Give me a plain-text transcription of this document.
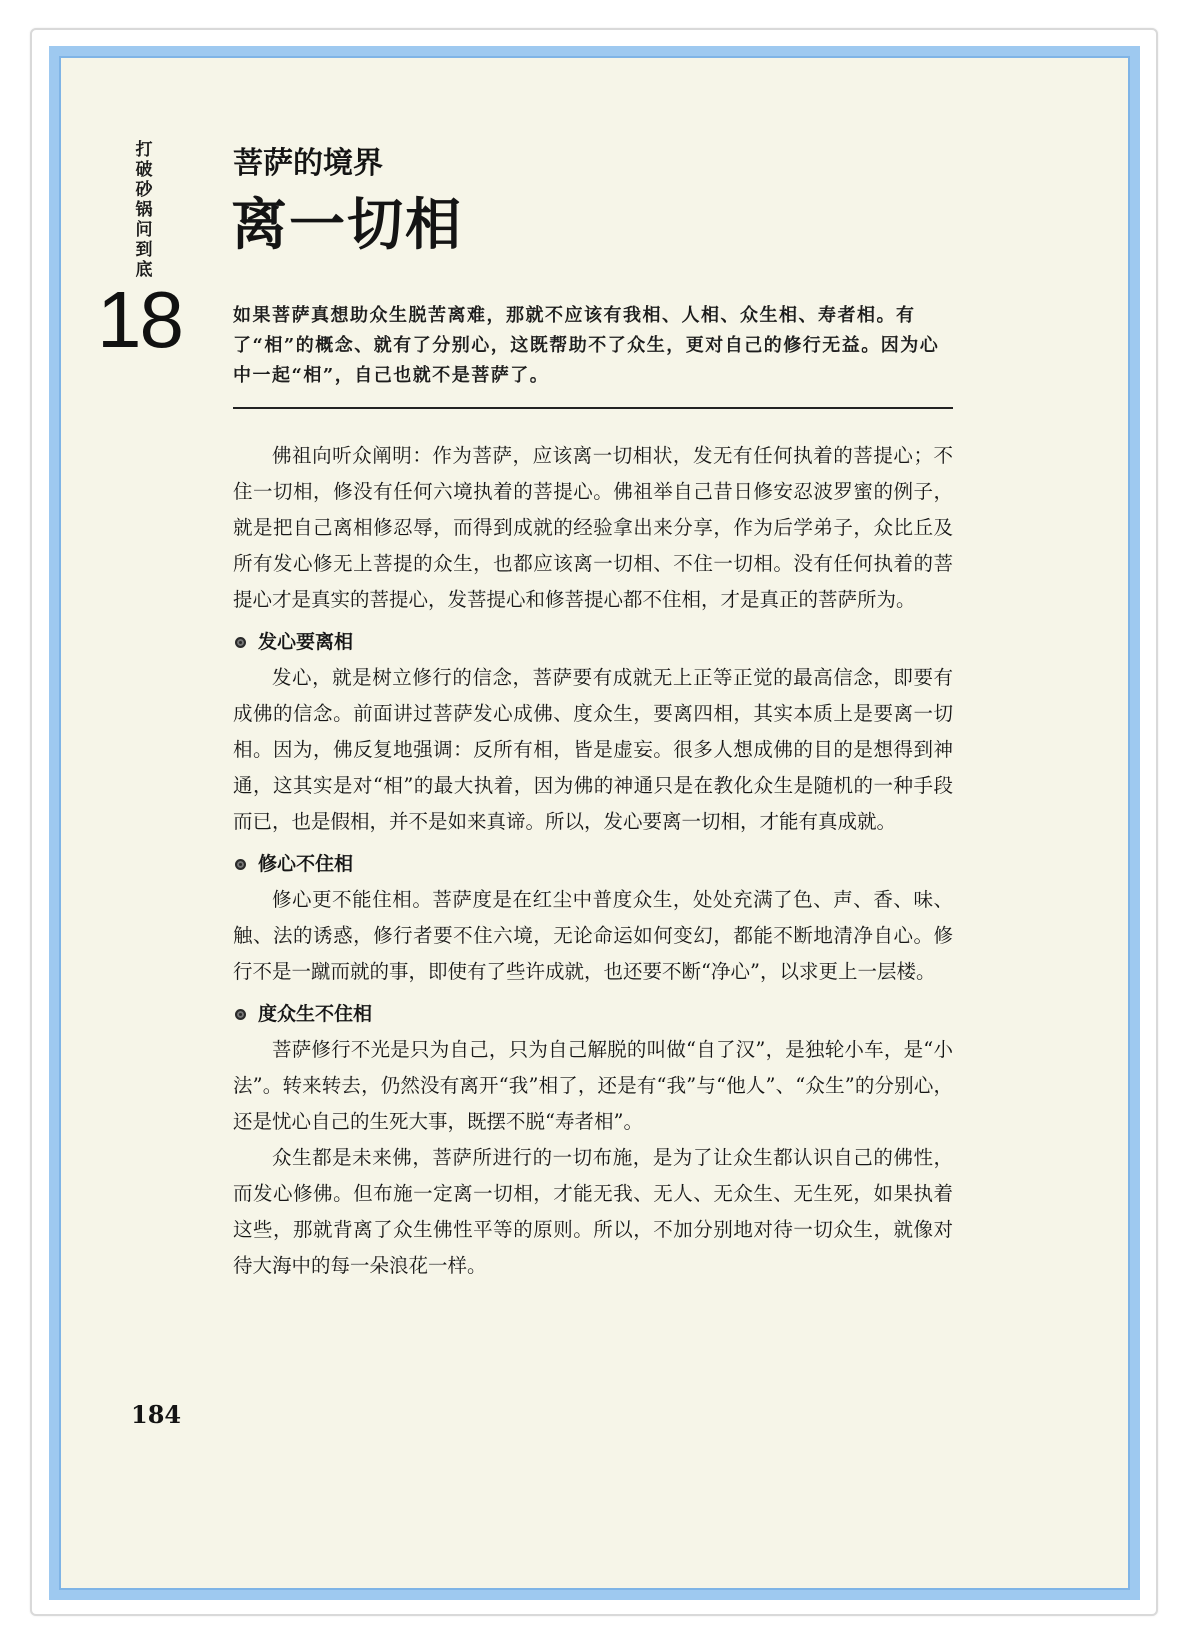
打破砂锅问到底
18
菩萨的境界
离一切相
如果菩萨真想助众生脱苦离难，那就不应该有我相、人相、众生相、寿者相。有了“相”的概念、就有了分别心，这既帮助不了众生，更对自己的修行无益。因为心中一起“相”，自己也就不是菩萨了。

佛祖向听众阐明：作为菩萨，应该离一切相状，发无有任何执着的菩提心；不住一切相，修没有任何六境执着的菩提心。佛祖举自己昔日修安忍波罗蜜的例子，就是把自己离相修忍辱，而得到成就的经验拿出来分享，作为后学弟子，众比丘及所有发心修无上菩提的众生，也都应该离一切相、不住一切相。没有任何执着的菩提心才是真实的菩提心，发菩提心和修菩提心都不住相，才是真正的菩萨所为。

发心要离相

发心，就是树立修行的信念，菩萨要有成就无上正等正觉的最高信念，即要有成佛的信念。前面讲过菩萨发心成佛、度众生，要离四相，其实本质上是要离一切相。因为，佛反复地强调：反所有相，皆是虚妄。很多人想成佛的目的是想得到神通，这其实是对“相”的最大执着，因为佛的神通只是在教化众生是随机的一种手段而已，也是假相，并不是如来真谛。所以，发心要离一切相，才能有真成就。

修心不住相

修心更不能住相。菩萨度是在红尘中普度众生，处处充满了色、声、香、味、触、法的诱惑，修行者要不住六境，无论命运如何变幻，都能不断地清净自心。修行不是一蹴而就的事，即使有了些许成就，也还要不断“净心”，以求更上一层楼。

度众生不住相

菩萨修行不光是只为自己，只为自己解脱的叫做“自了汉”，是独轮小车，是“小法”。转来转去，仍然没有离开“我”相了，还是有“我”与“他人”、“众生”的分别心，还是忧心自己的生死大事，既摆不脱“寿者相”。

众生都是未来佛，菩萨所进行的一切布施，是为了让众生都认识自己的佛性，而发心修佛。但布施一定离一切相，才能无我、无人、无众生、无生死，如果执着这些，那就背离了众生佛性平等的原则。所以，不加分别地对待一切众生，就像对待大海中的每一朵浪花一样。

184
